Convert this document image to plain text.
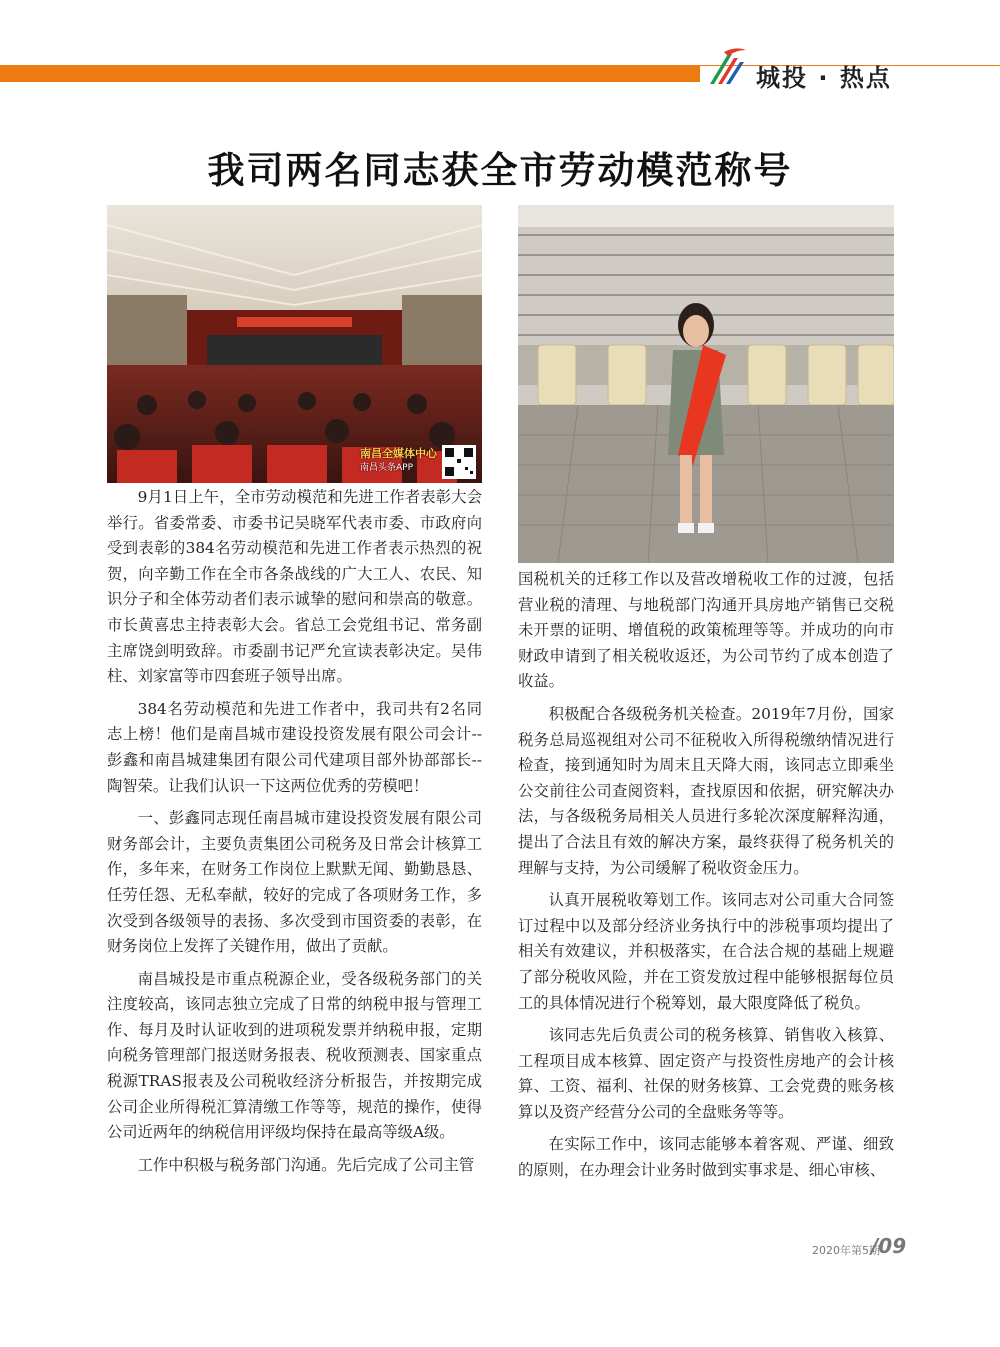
城投 · 热点
我司两名同志获全市劳动模范称号
南昌全媒体中心
南昌头条APP

9月1日上午，全市劳动模范和先进工作者表彰大会举行。省委常委、市委书记吴晓军代表市委、市政府向受到表彰的384名劳动模范和先进工作者表示热烈的祝贺，向辛勤工作在全市各条战线的广大工人、农民、知识分子和全体劳动者们表示诚挚的慰问和崇高的敬意。市长黄喜忠主持表彰大会。省总工会党组书记、常务副主席饶剑明致辞。市委副书记严允宣读表彰决定。吴伟柱、刘家富等市四套班子领导出席。

384名劳动模范和先进工作者中，我司共有2名同志上榜！他们是南昌城市建设投资发展有限公司会计--彭鑫和南昌城建集团有限公司代建项目部外协部部长--陶智荣。让我们认识一下这两位优秀的劳模吧！

一、彭鑫同志现任南昌城市建设投资发展有限公司财务部会计，主要负责集团公司税务及日常会计核算工作，多年来，在财务工作岗位上默默无闻、勤勤恳恳、任劳任怨、无私奉献，较好的完成了各项财务工作，多次受到各级领导的表扬、多次受到市国资委的表彰，在财务岗位上发挥了关键作用，做出了贡献。

南昌城投是市重点税源企业，受各级税务部门的关注度较高，该同志独立完成了日常的纳税申报与管理工作、每月及时认证收到的进项税发票并纳税申报，定期向税务管理部门报送财务报表、税收预测表、国家重点税源TRAS报表及公司税收经济分析报告，并按期完成公司企业所得税汇算清缴工作等等，规范的操作，使得公司近两年的纳税信用评级均保持在最高等级A级。

工作中积极与税务部门沟通。先后完成了公司主管

国税机关的迁移工作以及营改增税收工作的过渡，包括营业税的清理、与地税部门沟通开具房地产销售已交税未开票的证明、增值税的政策梳理等等。并成功的向市财政申请到了相关税收返还，为公司节约了成本创造了收益。

积极配合各级税务机关检查。2019年7月份，国家税务总局巡视组对公司不征税收入所得税缴纳情况进行检查，接到通知时为周末且天降大雨，该同志立即乘坐公交前往公司查阅资料，查找原因和依据，研究解决办法，与各级税务局相关人员进行多轮次深度解释沟通，提出了合法且有效的解决方案，最终获得了税务机关的理解与支持，为公司缓解了税收资金压力。

认真开展税收筹划工作。该同志对公司重大合同签订过程中以及部分经济业务执行中的涉税事项均提出了相关有效建议，并积极落实，在合法合规的基础上规避了部分税收风险，并在工资发放过程中能够根据每位员工的具体情况进行个税筹划，最大限度降低了税负。

该同志先后负责公司的税务核算、销售收入核算、工程项目成本核算、固定资产与投资性房地产的会计核算、工资、福利、社保的财务核算、工会党费的账务核算以及资产经营分公司的全盘账务等等。

在实际工作中，该同志能够本着客观、严谨、细致的原则，在办理会计业务时做到实事求是、细心审核、

2020年第5期
/09
